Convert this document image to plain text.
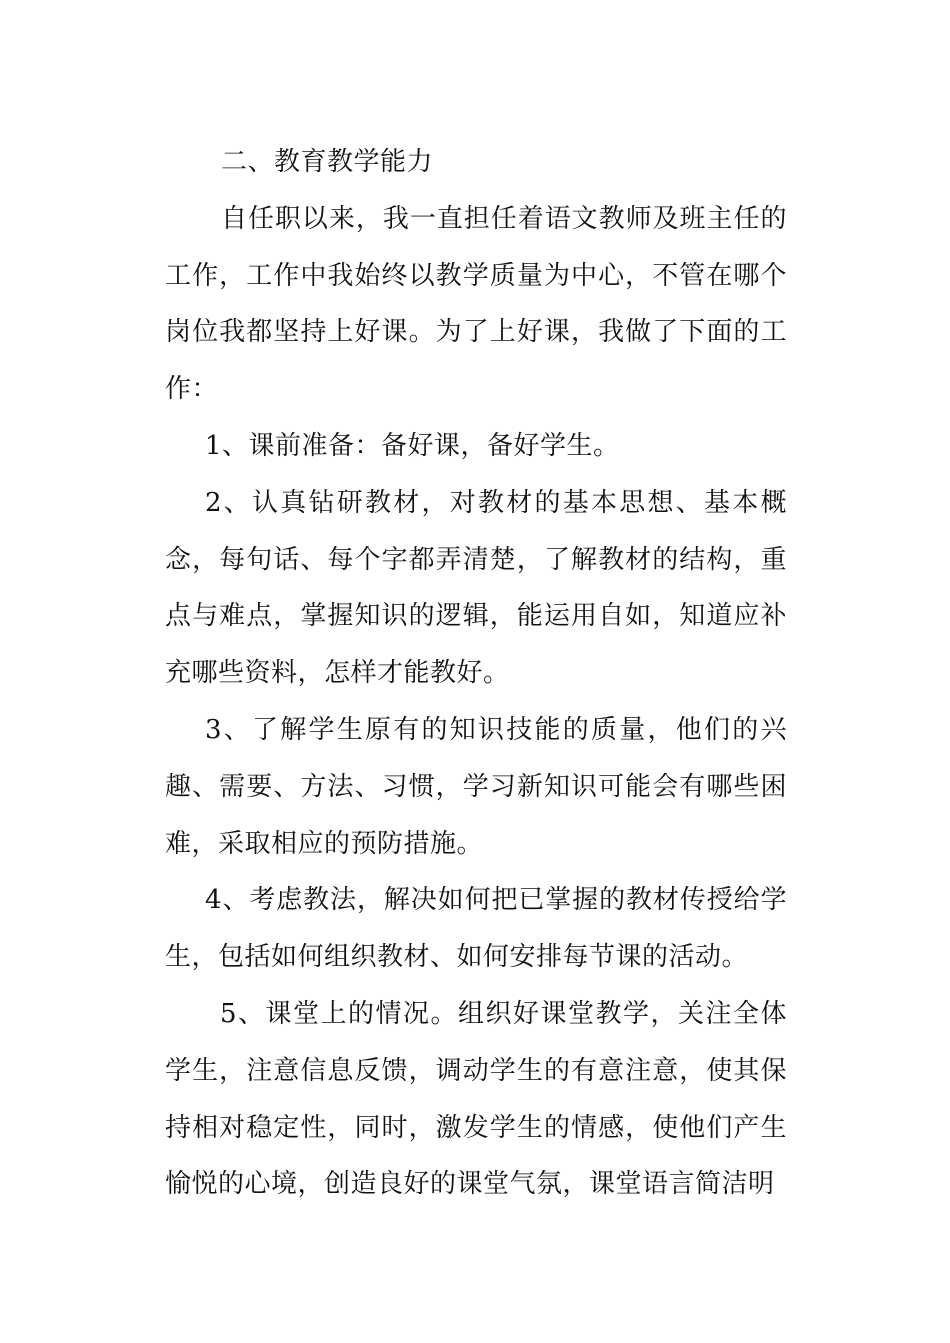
二、教育教学能力

自任职以来，我一直担任着语文教师及班主任的工作，工作中我始终以教学质量为中心，不管在哪个岗位我都坚持上好课。为了上好课，我做了下面的工作：

1、课前准备：备好课，备好学生。

2、认真钻研教材，对教材的基本思想、基本概念，每句话、每个字都弄清楚，了解教材的结构，重点与难点，掌握知识的逻辑，能运用自如，知道应补充哪些资料，怎样才能教好。

3、了解学生原有的知识技能的质量，他们的兴趣、需要、方法、习惯，学习新知识可能会有哪些困难，采取相应的预防措施。

4、考虑教法，解决如何把已掌握的教材传授给学生，包括如何组织教材、如何安排每节课的活动。

5、课堂上的情况。组织好课堂教学，关注全体学生，注意信息反馈，调动学生的有意注意，使其保持相对稳定性，同时，激发学生的情感，使他们产生愉悦的心境，创造良好的课堂气氛，课堂语言简洁明
